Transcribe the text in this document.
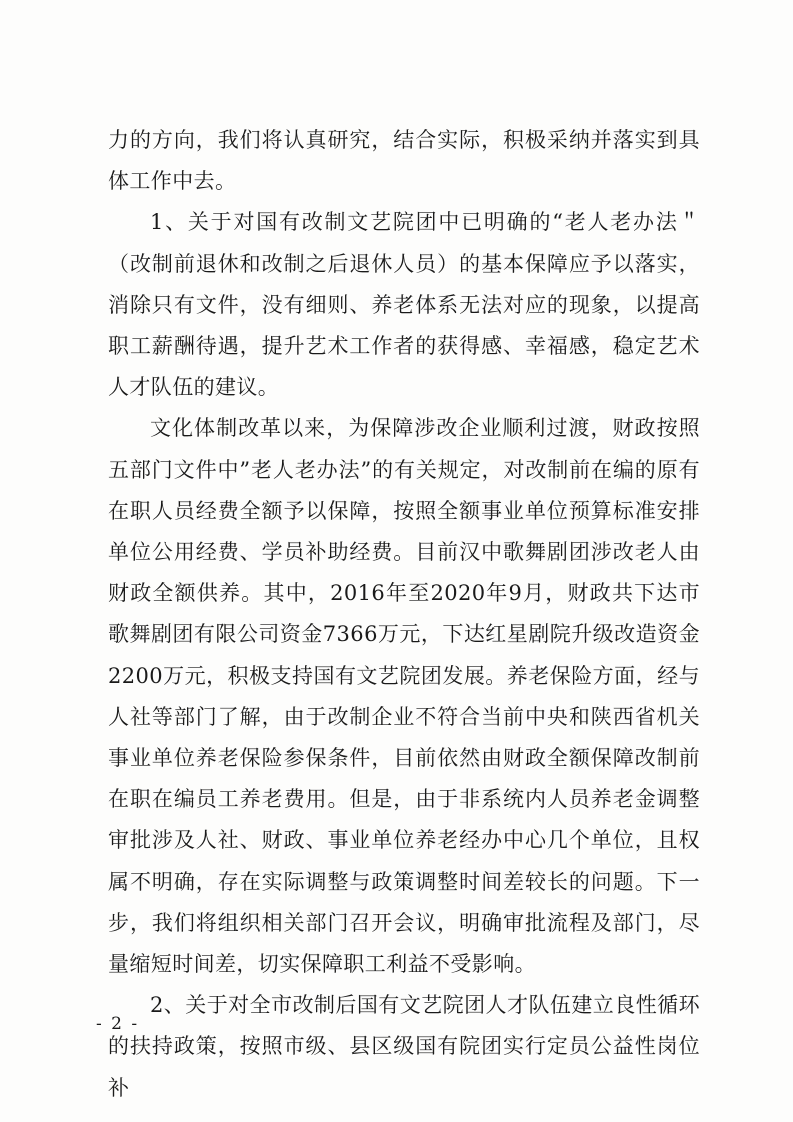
力的方向，我们将认真研究，结合实际，积极采纳并落实到具体工作中去。

1、关于对国有改制文艺院团中已明确的“老人老办法＂（改制前退休和改制之后退休人员）的基本保障应予以落实，消除只有文件，没有细则、养老体系无法对应的现象，以提高职工薪酬待遇，提升艺术工作者的获得感、幸福感，稳定艺术人才队伍的建议。

文化体制改革以来，为保障涉改企业顺利过渡，财政按照五部门文件中”老人老办法”的有关规定，对改制前在编的原有在职人员经费全额予以保障，按照全额事业单位预算标准安排单位公用经费、学员补助经费。目前汉中歌舞剧团涉改老人由财政全额供养。其中，2016年至2020年9月，财政共下达市歌舞剧团有限公司资金7366万元，下达红星剧院升级改造资金2200万元，积极支持国有文艺院团发展。养老保险方面，经与人社等部门了解，由于改制企业不符合当前中央和陕西省机关事业单位养老保险参保条件，目前依然由财政全额保障改制前在职在编员工养老费用。但是，由于非系统内人员养老金调整审批涉及人社、财政、事业单位养老经办中心几个单位，且权属不明确，存在实际调整与政策调整时间差较长的问题。下一步，我们将组织相关部门召开会议，明确审批流程及部门，尽量缩短时间差，切实保障职工利益不受影响。

2、关于对全市改制后国有文艺院团人才队伍建立良性循环的扶持政策，按照市级、县区级国有院团实行定员公益性岗位补

- 2 -
